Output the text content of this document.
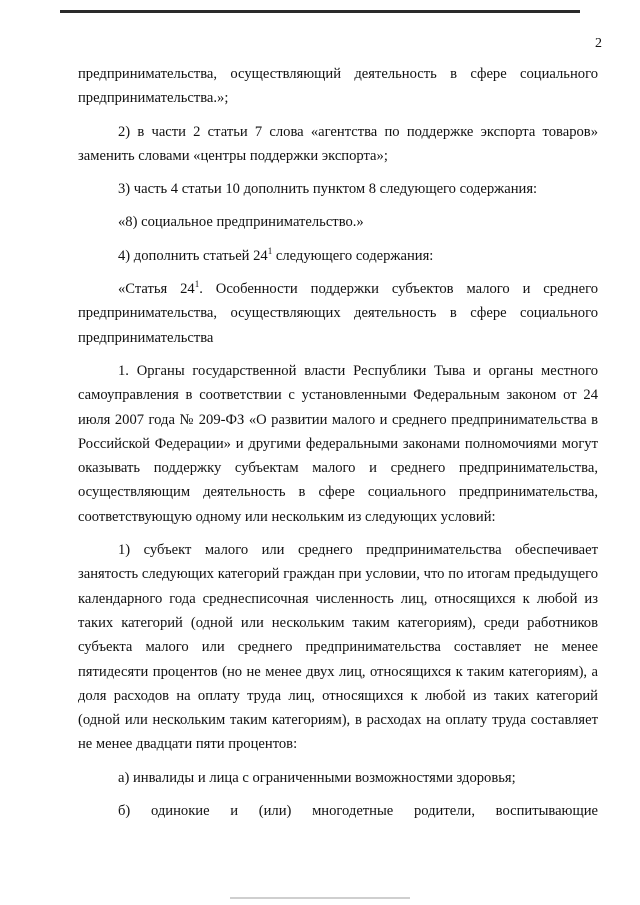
2

предпринимательства, осуществляющий деятельность в сфере социального предпринимательства.»;

2) в части 2 статьи 7 слова «агентства по поддержке экспорта товаров» заменить словами «центры поддержки экспорта»;

3) часть 4 статьи 10 дополнить пунктом 8 следующего содержания:

«8) социальное предпринимательство.»

4) дополнить статьей $24^1$ следующего содержания:

«Статья $24^1$. Особенности поддержки субъектов малого и среднего предпринимательства, осуществляющих деятельность в сфере социального предпринимательства

1. Органы государственной власти Республики Тыва и органы местного самоуправления в соответствии с установленными Федеральным законом от 24 июля 2007 года № 209-ФЗ «О развитии малого и среднего предпринимательства в Российской Федерации» и другими федеральными законами полномочиями могут оказывать поддержку субъектам малого и среднего предпринимательства, осуществляющим деятельность в сфере социального предпринимательства, соответствующую одному или нескольким из следующих условий:

1) субъект малого или среднего предпринимательства обеспечивает занятость следующих категорий граждан при условии, что по итогам предыдущего календарного года среднесписочная численность лиц, относящихся к любой из таких категорий (одной или нескольким таким категориям), среди работников субъекта малого или среднего предпринимательства составляет не менее пятидесяти процентов (но не менее двух лиц, относящихся к таким категориям), а доля расходов на оплату труда лиц, относящихся к любой из таких категорий (одной или нескольким таким категориям), в расходах на оплату труда составляет не менее двадцати пяти процентов:

а) инвалиды и лица с ограниченными возможностями здоровья;

б) одинокие и (или) многодетные родители, воспитывающие
